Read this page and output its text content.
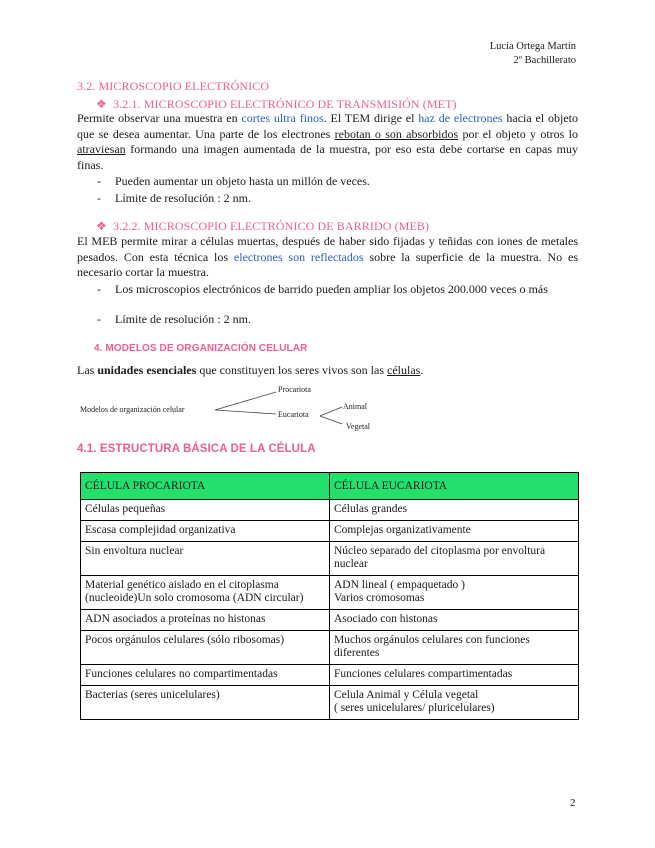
Lucía Ortega Martín
2º Bachillerato
3.2. MICROSCOPIO ELECTRÓNICO
❖ 3.2.1. MICROSCOPIO ELECTRÓNICO DE TRANSMISIÓN (MET)
Permite observar una muestra en cortes ultra finos. El TEM dirige el haz de electrones hacia el objeto que se desea aumentar. Una parte de los electrones rebotan o son absorbidos por el objeto y otros lo atraviesan formando una imagen aumentada de la muestra, por eso esta debe cortarse en capas muy finas.
- Pueden aumentar un objeto hasta un millón de veces.
- Límite de resolución : 2 nm.
❖ 3.2.2. MICROSCOPIO ELECTRÓNICO DE BARRIDO (MEB)
El MEB permite mirar a células muertas, después de haber sido fijadas y teñidas con iones de metales pesados. Con esta técnica los electrones son reflectados sobre la superficie de la muestra. No es necesario cortar la muestra.
- Los microscopios electrónicos de barrido pueden ampliar los objetos 200.000 veces o más
- Límite de resolución : 2 nm.
4. MODELOS DE ORGANIZACIÓN CELULAR
Las unidades esenciales que constituyen los seres vivos son las células.
Modelos de organización celular
Procariota
Eucariota
Animal
Vegetal
4.1. ESTRUCTURA BÁSICA DE LA CÉLULA
CÉLULA PROCARIOTA	CÉLULA EUCARIOTA
Células pequeñas	Células grandes
Escasa complejidad organizativa	Complejas organizativamente
Sin envoltura nuclear	Núcleo separado del citoplasma por envoltura nuclear
Material genético aislado en el citoplasma (nucleoide)Un solo cromosoma (ADN circular)	ADN lineal ( empaquetado )
Varios cromosomas
ADN asociados a proteínas no histonas	Asociado con histonas
Pocos orgánulos celulares (sólo ribosomas)	Muchos orgánulos celulares con funciones diferentes
Funciones celulares no compartimentadas	Funciones celulares compartimentadas
Bacterias (seres unicelulares)	Celula Animal y Célula vegetal
( seres unicelulares/ pluricelulares)
2
